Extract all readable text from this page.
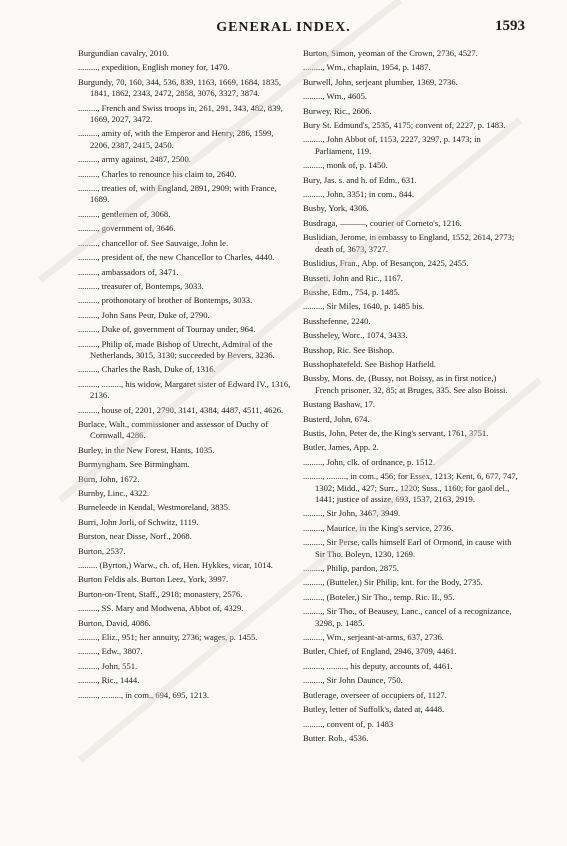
GENERAL INDEX.	1593
Burgundian cavalry, 2010.
........., expedition, English money for, 1470.
Burgundy, 70, 160, 344, 536, 839, 1163, 1669, 1684, 1835, 1841, 1862, 2343, 2472, 2858, 3076, 3327, 3874.
........., French and Swiss troops in, 261, 291, 343, 482, 839, 1669, 2027, 3472.
........., amity of, with the Emperor and Henry, 286, 1599, 2206, 2387, 2415, 2450.
........., army against, 2487, 2500.
........., Charles to renounce his claim to, 2640.
........., treaties of, with England, 2891, 2909; with France, 1689.
........., gentlemen of, 3068.
........., government of, 3646.
........., chancellor of. See Sauvaige, John le.
........., president of, the new Chancellor to Charles, 4440.
........., ambassadors of, 3471.
........., treasurer of, Bontemps, 3033.
........., prothonotary of brother of Bontemps, 3033.
........., John Sans Peur, Duke of, 2790.
........., Duke of, government of Tournay under, 964.
........., Philip of, made Bishop of Utrecht, Admiral of the Netherlands, 3015, 3130; succeeded by Bevers, 3236.
........., Charles the Rash, Duke of, 1316.
........., ........., his widow, Margaret sister of Edward IV., 1316, 2136.
........., house of, 2201, 2790, 3141, 4384, 4487, 4511, 4626.
Burlace, Walt., commissioner and assessor of Duchy of Cornwall, 4286.
Burley, in the New Forest, Hants, 1035.
Burmyngham. See Birmingham.
Burn, John, 1672.
Burnby, Linc., 4322.
Burneleede in Kendal, Westmoreland, 3835.
Burri, John Jorli, of Schwitz, 1119.
Burston, near Disse, Norf., 2068.
Burton, 2537.
......... (Byrton,) Warw., ch. of, Hen. Hykkes, vicar, 1014.
Burton Feldis als. Burton Leez, York, 3997.
Burton-on-Trent, Staff., 2918; monastery, 2576.
........., SS. Mary and Modwena, Abbot of, 4329.
Burton, David, 4086.
........., Eliz., 951; her annuity, 2736; wages, p. 1455.
........., Edw., 3807.
........., John, 551.
........., Ric., 1444.
........., ........., in com., 694, 695, 1213.
Burton, Simon, yeoman of the Crown, 2736, 4527.
........., Wm., chaplain, 1954, p. 1487.
Burwell, John, serjeant plumber, 1369, 2736.
........., Wm., 4605.
Burwey, Ric., 2606.
Bury St. Edmund's, 2535, 4175; convent of, 2227, p. 1483.
........., John Abbot of, 1153, 2227, 3297, p. 1473; in Parliament, 119.
........., monk of, p. 1450.
Bury, Jas. s. and h. of Edm., 631.
........., John, 3351; in com., 844.
Busby, York, 4306.
Busdraga, ———, courier of Corneto's, 1216.
Buslidian, Jerome, in embassy to England, 1552, 2614, 2773; death of, 3673, 3727.
Buslidius, Fran., Abp. of Besançon, 2425, 2455.
Busseti, John and Ric., 1167.
Busshe, Edm., 754, p. 1485.
........., Sir Miles, 1640, p. 1485 bis.
Busshefenne, 2240.
Bussheley, Worc., 1074, 3433.
Busshop, Ric. See Bishop.
Busshophatefeld. See Bishop Hatfield.
Bussby, Mons. de, (Bussy, not Boissy, as in first notice,) French prisoner, 32, 85; at Bruges, 335. See also Boissi.
Bustang Bashaw, 17.
Busterd, John, 674.
Bustis, John, Peter de, the King's servant, 1761, 3751.
Butler, James, App. 2.
........., John, clk. of ordnance, p. 1512.
........., ........., in com., 456; for Essex, 1213; Kent, 6, 677, 747, 1302; Midd., 427; Surr., 1220; Suss., 1160; for gaol del., 1441; justice of assize, 693, 1537, 2163, 2919.
........., Sir John, 3467, 3949.
........., Maurice, in the King's service, 2736.
........., Sir Perse, calls himself Earl of Ormond, in cause with Sir Tho. Boleyn, 1230, 1269.
........., Philip, pardon, 2875.
........., (Butteler,) Sir Philip, knt. for the Body, 2735.
........., (Boteler,) Sir Tho., temp. Ric. II., 95.
........., Sir Tho., of Beausey, Lanc., cancel of a recognizance, 3298, p. 1485.
........., Wm., serjeant-at-arms, 637, 2736.
Butler, Chief, of England, 2946, 3709, 4461.
........., ........., his deputy, accounts of, 4461.
........., Sir John Daunce, 750.
Butlerage, overseer of occupiers of, 1127.
Butley, letter of Suffolk's, dated at, 4448.
........., convent of, p. 1483
Butter. Rob., 4536.
